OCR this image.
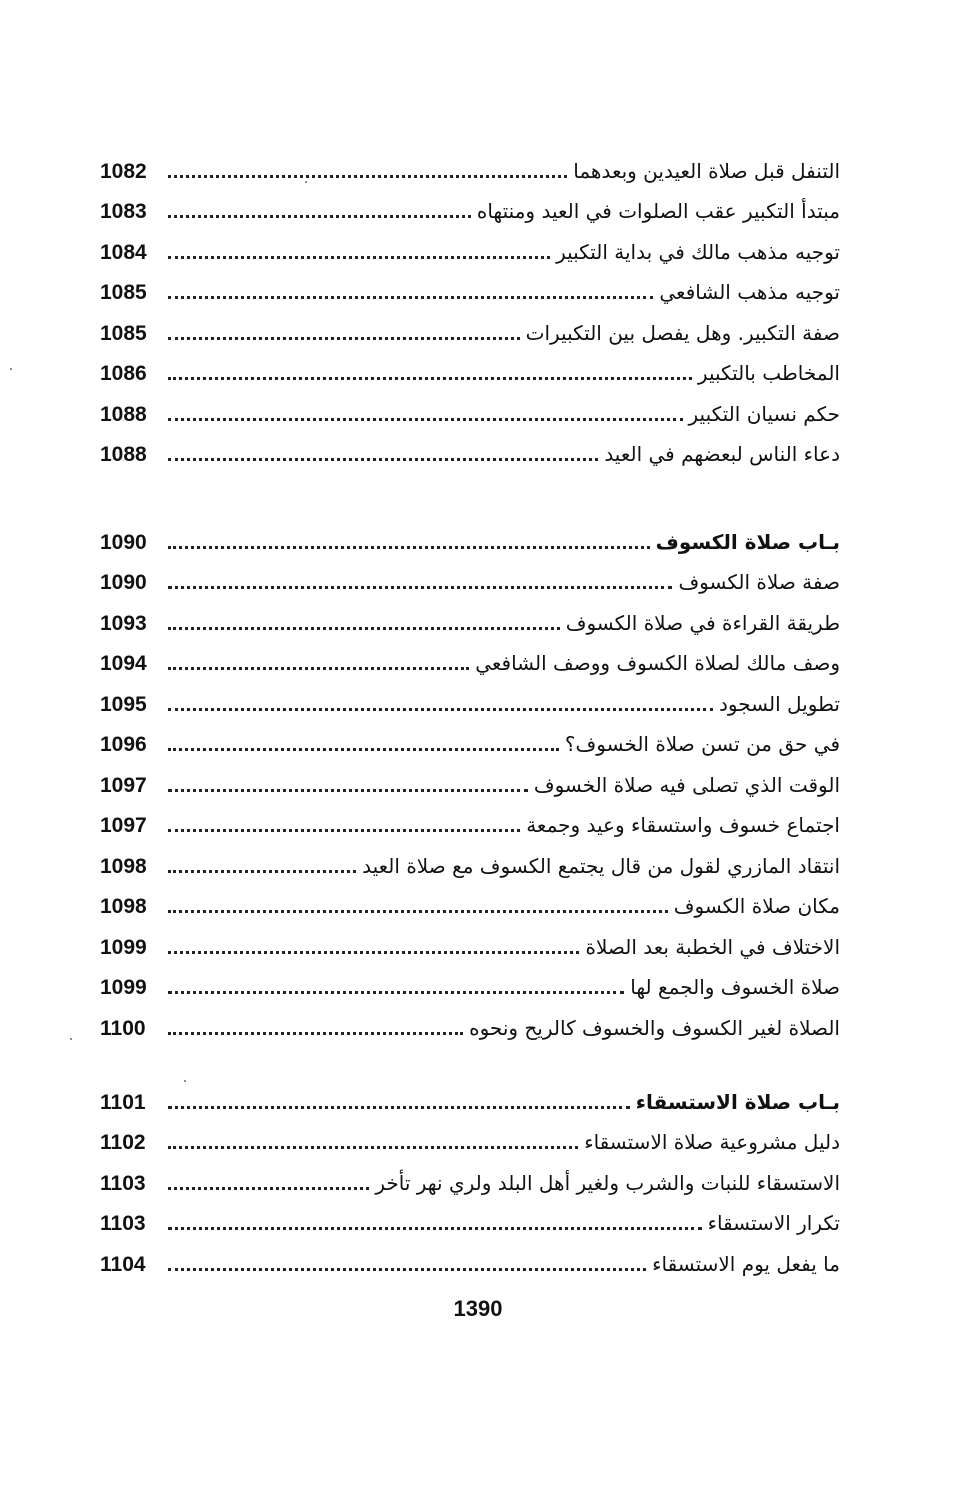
1082	التنفل قبل صلاة العيدين وبعدهما
1083	مبتدأ التكبير عقب الصلوات في العيد ومنتهاه
1084	توجيه مذهب مالك في بداية التكبير
1085	توجيه مذهب الشافعي
1085	صفة التكبير. وهل يفصل بين التكبيرات
1086	المخاطب بالتكبير
1088	حكم نسيان التكبير
1088	دعاء الناس لبعضهم في العيد
1090	بـاب صلاة الكسوف
1090	صفة صلاة الكسوف
1093	طريقة القراءة في صلاة الكسوف
1094	وصف مالك لصلاة الكسوف ووصف الشافعي
1095	تطويل السجود
1096	في حق من تسن صلاة الخسوف؟
1097	الوقت الذي تصلى فيه صلاة الخسوف
1097	اجتماع خسوف واستسقاء وعيد وجمعة
1098	انتقاد المازري لقول من قال يجتمع الكسوف مع صلاة العيد
1098	مكان صلاة الكسوف
1099	الاختلاف في الخطبة بعد الصلاة
1099	صلاة الخسوف والجمع لها
1100	الصلاة لغير الكسوف والخسوف كالريح ونحوه
1101	بـاب صلاة الاستسقاء
1102	دليل مشروعية صلاة الاستسقاء
1103	الاستسقاء للنبات والشرب ولغير أهل البلد ولري نهر تأخر
1103	تكرار الاستسقاء
1104	ما يفعل يوم الاستسقاء
1390
